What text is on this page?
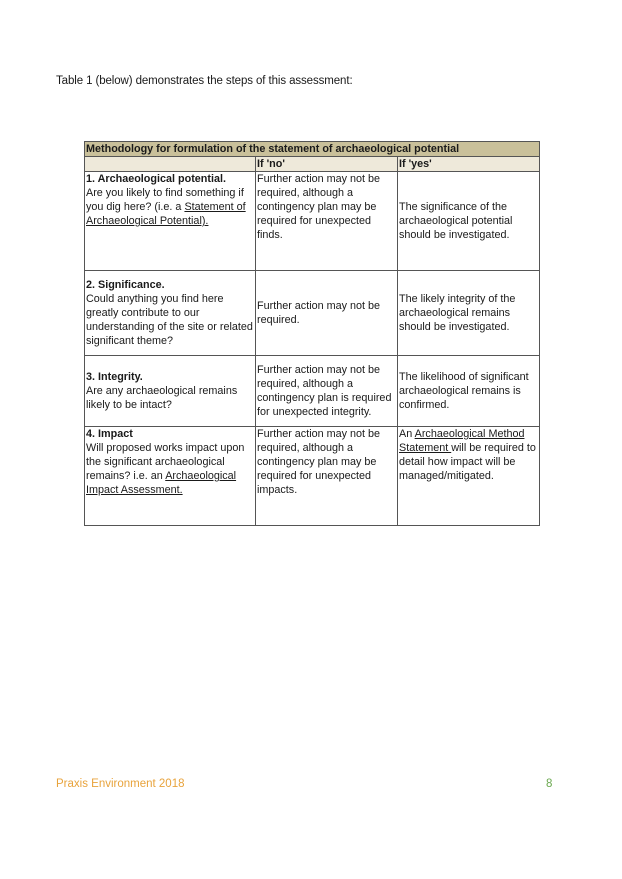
Table 1 (below) demonstrates the steps of this assessment:
Methodology for formulation of the statement of archaeological potential		
	If 'no'	If 'yes'

1. Archaeological potential.
Are you likely to find something if you dig here? (i.e. a Statement of Archaeological Potential).	Further action may not be required, although a contingency plan may be required for unexpected finds.	The significance of the archaeological potential should be investigated.

2. Significance.
Could anything you find here greatly contribute to our understanding of the site or related significant theme?	Further action may not be required.	The likely integrity of the archaeological remains should be investigated.

3. Integrity.
Are any archaeological remains likely to be intact?	Further action may not be required, although a contingency plan is required for unexpected integrity.	The likelihood of significant archaeological remains is confirmed.

4. Impact
Will proposed works impact upon the significant archaeological remains? i.e. an Archaeological Impact Assessment.	Further action may not be required, although a contingency plan may be required for unexpected impacts.	An Archaeological Method Statement will be required to detail how impact will be managed/mitigated.
Praxis Environment 2018	8
